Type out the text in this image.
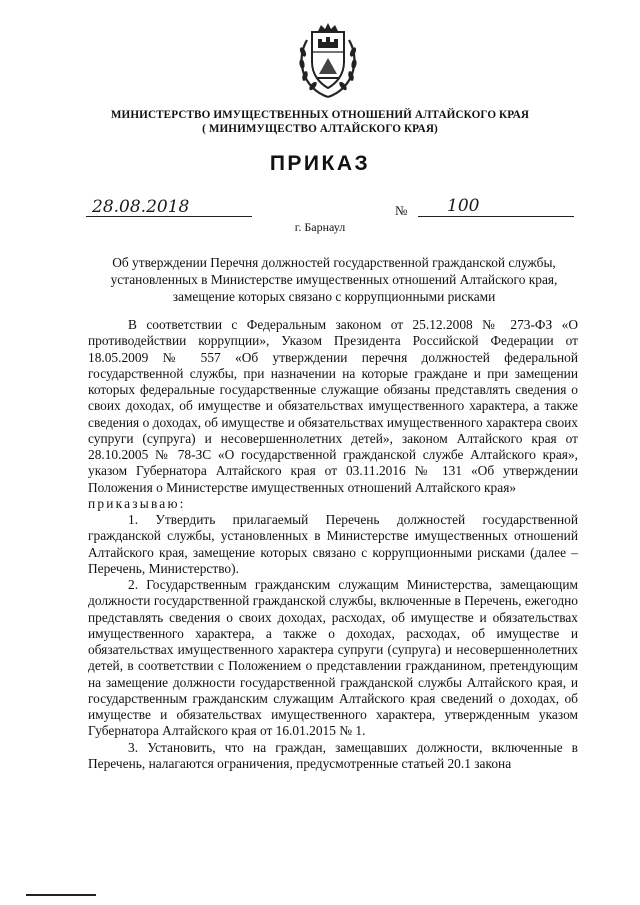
МИНИСТЕРСТВО ИМУЩЕСТВЕННЫХ ОТНОШЕНИЙ АЛТАЙСКОГО КРАЯ
( МИНИМУЩЕСТВО АЛТАЙСКОГО КРАЯ)
ПРИКАЗ
28.08.2018	№ 100
г. Барнаул
Об утверждении Перечня должностей государственной гражданской службы,
установленных в Министерстве имущественных отношений Алтайского края,
замещение которых связано с коррупционными рисками

В соответствии с Федеральным законом от 25.12.2008 № 273-ФЗ «О противодействии коррупции», Указом Президента Российской Федерации от 18.05.2009 № 557 «Об утверждении перечня должностей федеральной государственной службы, при назначении на которые граждане и при замещении которых федеральные государственные служащие обязаны представлять сведения о своих доходах, об имуществе и обязательствах имущественного характера, а также сведения о доходах, об имуществе и обязательствах имущественного характера своих супруги (супруга) и несовершеннолетних детей», законом Алтайского края от 28.10.2005 № 78-ЗС «О государственной гражданской службе Алтайского края», указом Губернатора Алтайского края от 03.11.2016 № 131 «Об утверждении Положения о Министерстве имущественных отношений Алтайского края»

приказываю:

1. Утвердить прилагаемый Перечень должностей государственной гражданской службы, установленных в Министерстве имущественных отношений Алтайского края, замещение которых связано с коррупционными рисками (далее – Перечень, Министерство).

2. Государственным гражданским служащим Министерства, замещающим должности государственной гражданской службы, включенные в Перечень, ежегодно представлять сведения о своих доходах, расходах, об имуществе и обязательствах имущественного характера, а также о доходах, расходах, об имуществе и обязательствах имущественного характера супруги (супруга) и несовершеннолетних детей, в соответствии с Положением о представлении гражданином, претендующим на замещение должности государственной гражданской службы Алтайского края, и государственным гражданским служащим Алтайского края сведений о доходах, об имуществе и обязательствах имущественного характера, утвержденным указом Губернатора Алтайского края от 16.01.2015 № 1.

3. Установить, что на граждан, замещавших должности, включенные в Перечень, налагаются ограничения, предусмотренные статьей 20.1 закона
